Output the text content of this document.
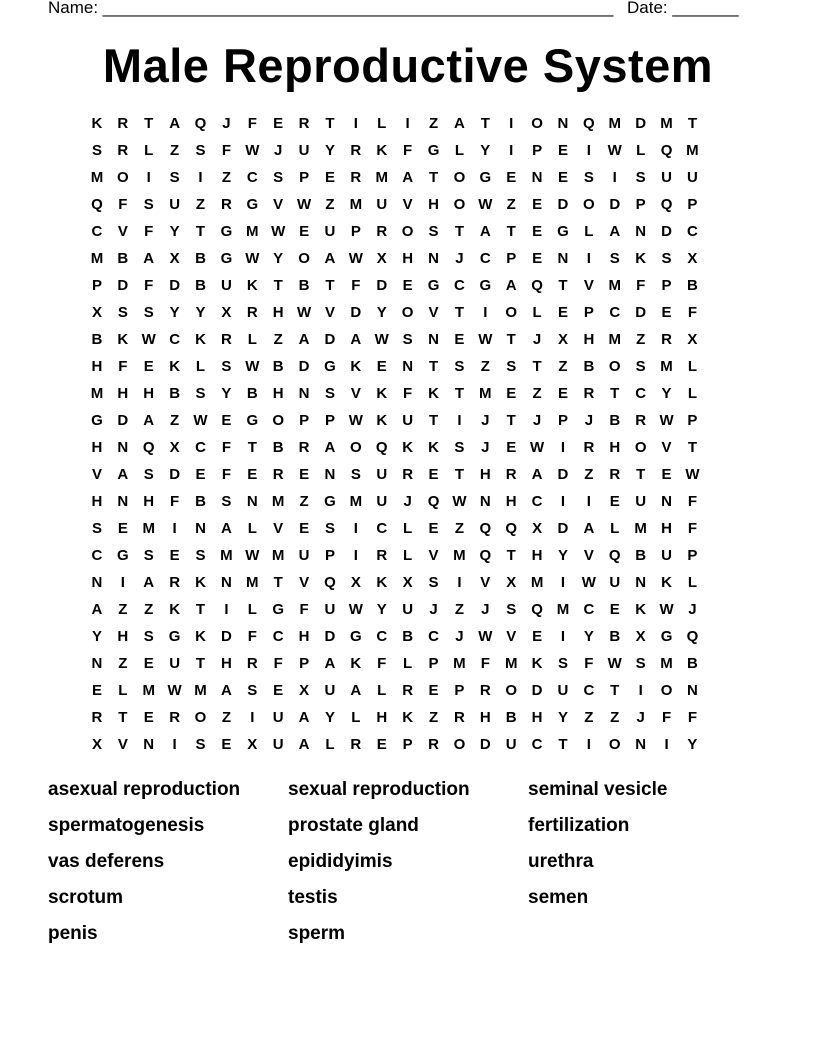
Name: ______________________________________________________ Date: _______
Male Reproductive System
K	R	T	A Q	J	F	E	R	T	I	L	I	Z	A	T	I	O N Q M D M	T
S	R	L	Z	S	F W J	U	Y	R	K	F	G	L	Y	I	P	E	I	W L	Q M
M O	I	S	I	Z	C	S	P	E	R M A	T	O G	E	N	E	S	I	S	U	U
Q	F	S	U	Z	R G	V W Z	M U	V	H O W Z	E	D O D	P	Q	P
C	V	F	Y	T	G M W E	U	P	R O	S	T	A	T	E	G	L	A	N	D	C
M B	A	X	B G W Y	O A W X	H	N	J	C	P	E	N	I	S	K	S	X
P	D	F	D	B	U	K	T	B	T	F	D	E	G C G A Q	T	V M	F	P	B
X	S	S	Y	Y	X	R	H W V	D	Y	O	V	T	I	O	L	E	P	C	D	E	F
B	K W C	K	R	L	Z	A	D	A W S	N	E W T	J	X	H M	Z	R	X
H	F	E	K	L	S W B	D G K	E	N	T	S	Z	S	T	Z	B O	S M	L
M H	H	B	S	Y	B	H	N	S	V	K	F	K	T	M E	Z	E	R	T	C	Y	L
G D	A	Z W E	G O	P	P W K	U	T	I	J	T	J	P	J	B	R W P
H	N Q	X	C	F	T	B	R	A O Q K	K	S	J	E W	I	R	H O	V	T
V	A	S	D	E	F	E	R	E	N	S	U	R	E	T	H	R	A	D	Z	R	T	E W
H	N	H	F	B	S	N M	Z	G M U	J	Q W N	H	C	I	I	E	U	N	F
S	E M	I	N	A	L	V	E	S	I	C	L	E	Z	Q Q	X	D	A	L	M H	F
C G	S	E	S M W M U	P	I	R	L	V M Q	T	H	Y	V	Q B	U	P
N	I	A	R	K	N M	T	V	Q	X	K	X	S	I	V	X M	I	W U	N	K	L
A	Z	Z	K	T	I	L	G	F	U W Y	U	J	Z	J	S	Q M C	E	K W J
Y	H	S	G K	D	F	C	H	D G C	B	C	J W V	E	I	Y	B	X	G Q
N	Z	E	U	T	H	R	F	P	A	K	F	L	P M	F	M K	S	F W S M B
E	L	M W M A	S	E	X	U	A	L	R	E	P	R O D	U	C	T	I	O N
R	T	E	R O	Z	I	U	A	Y	L	H	K	Z	R	H	B	H	Y	Z	Z	J	F	F
X	V	N	I	S	E	X	U	A	L	R	E	P	R O D	U	C	T	I	O N	I	Y
asexual reproduction	sexual reproduction	seminal vesicle
spermatogenesis	prostate gland	fertilization
vas deferens	epididyimis	urethra
scrotum	testis	semen
penis	sperm
